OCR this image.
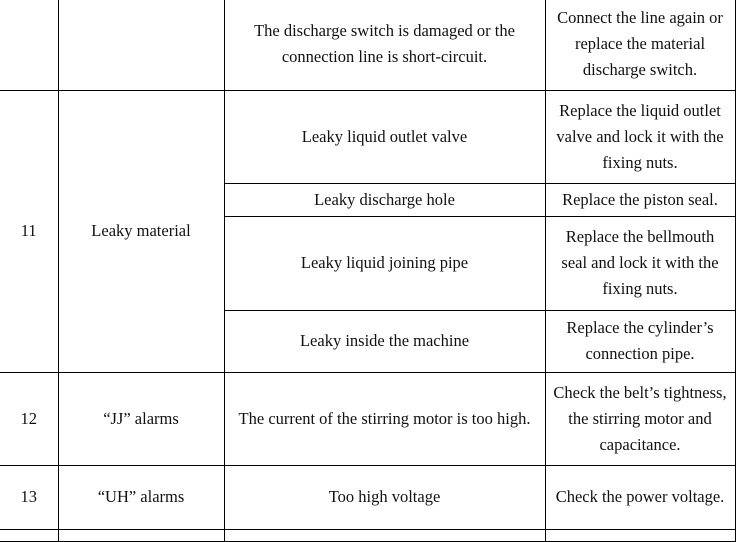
		The discharge switch is damaged or the connection line is short-circuit.	Connect the line again or replace the material discharge switch.
11	Leaky material	Leaky liquid outlet valve	Replace the liquid outlet valve and lock it with the fixing nuts.
		Leaky discharge hole	Replace the piston seal.
		Leaky liquid joining pipe	Replace the bellmouth seal and lock it with the fixing nuts.
		Leaky inside the machine	Replace the cylinder’s connection pipe.
12	“JJ” alarms	The current of the stirring motor is too high.	Check the belt’s tightness, the stirring motor and capacitance.
13	“UH” alarms	Too high voltage	Check the power voltage.
